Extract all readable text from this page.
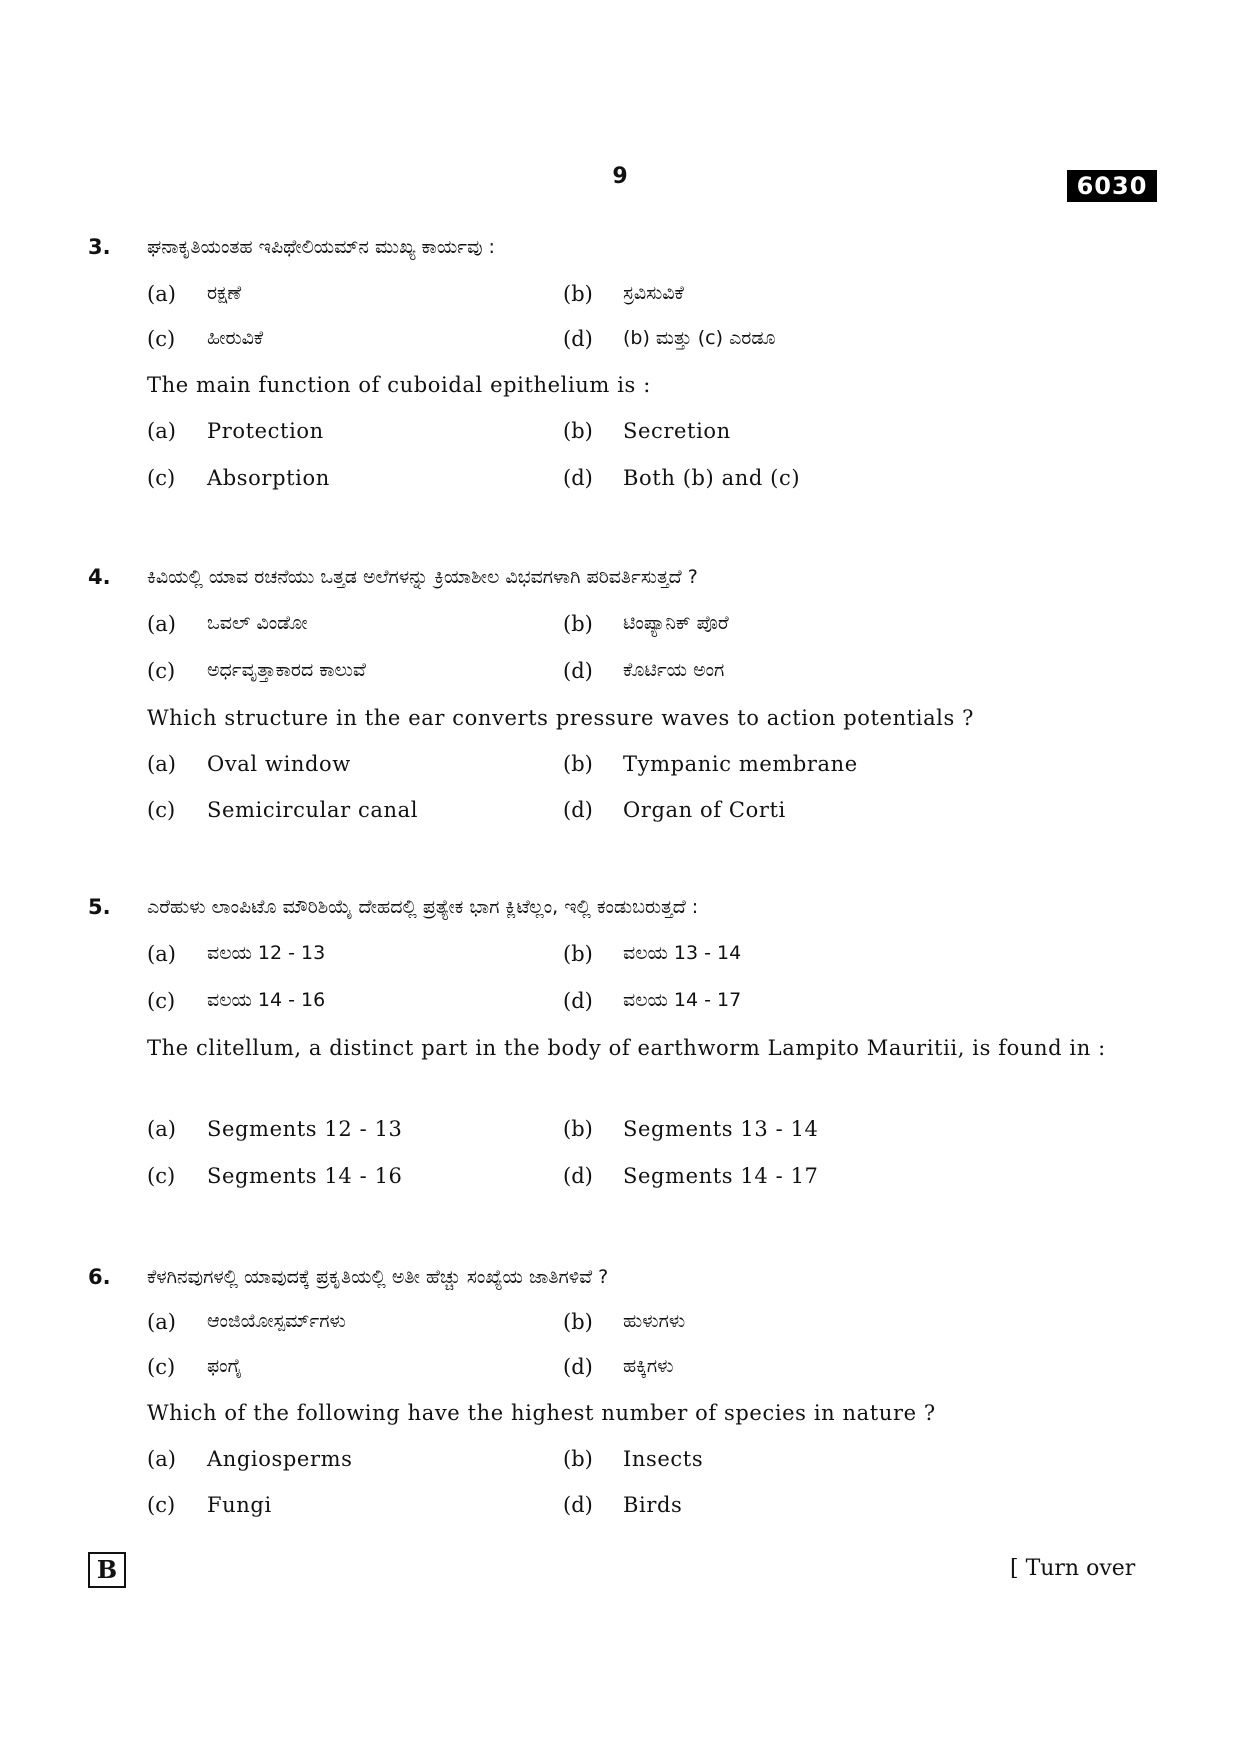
9	6030
3. ಘನಾಕೃತಿಯಂತಹ ಇಪಿಥೇಲಿಯಮ್‌ನ ಮುಖ್ಯ ಕಾರ್ಯವು :
(a) ರಕ್ಷಣೆ	(b) ಸ್ರವಿಸುವಿಕೆ
(c) ಹೀರುವಿಕೆ	(d) (b) ಮತ್ತು (c) ಎರಡೂ
The main function of cuboidal epithelium is :
(a) Protection	(b) Secretion
(c) Absorption	(d) Both (b) and (c)
4. ಕಿವಿಯಲ್ಲಿ ಯಾವ ರಚನೆಯು ಒತ್ತಡ ಅಲೆಗಳನ್ನು ಕ್ರಿಯಾಶೀಲ ವಿಭವಗಳಾಗಿ ಪರಿವರ್ತಿಸುತ್ತದೆ ?
(a) ಒವಲ್ ವಿಂಡೋ	(b) ಟಿಂಪ್ಯಾನಿಕ್ ಪೊರೆ
(c) ಅರ್ಧವೃತ್ತಾಕಾರದ ಕಾಲುವೆ	(d) ಕೊರ್ಟಿಯ ಅಂಗ
Which structure in the ear converts pressure waves to action potentials ?
(a) Oval window	(b) Tympanic membrane
(c) Semicircular canal	(d) Organ of Corti
5. ಎರೆಹುಳು ಲಾಂಪಿಟೊ ಮೌರಿಶಿಯೈ ದೇಹದಲ್ಲಿ ಪ್ರತ್ಯೇಕ ಭಾಗ ಕ್ಲಿಟೆಲ್ಲಂ, ಇಲ್ಲಿ ಕಂಡುಬರುತ್ತದೆ :
(a) ವಲಯ 12 - 13	(b) ವಲಯ 13 - 14
(c) ವಲಯ 14 - 16	(d) ವಲಯ 14 - 17
The clitellum, a distinct part in the body of earthworm Lampito Mauritii, is found in :
(a) Segments 12 - 13	(b) Segments 13 - 14
(c) Segments 14 - 16	(d) Segments 14 - 17
6. ಕೆಳಗಿನವುಗಳಲ್ಲಿ ಯಾವುದಕ್ಕೆ ಪ್ರಕೃತಿಯಲ್ಲಿ ಅತೀ ಹೆಚ್ಚು ಸಂಖ್ಯೆಯ ಜಾತಿಗಳಿವೆ ?
(a) ಆಂಜಿಯೋಸ್ಪರ್ಮ್‌ಗಳು	(b) ಹುಳುಗಳು
(c) ಫಂಗೈ	(d) ಹಕ್ಕಿಗಳು
Which of the following have the highest number of species in nature ?
(a) Angiosperms	(b) Insects
(c) Fungi	(d) Birds
B	[ Turn over
